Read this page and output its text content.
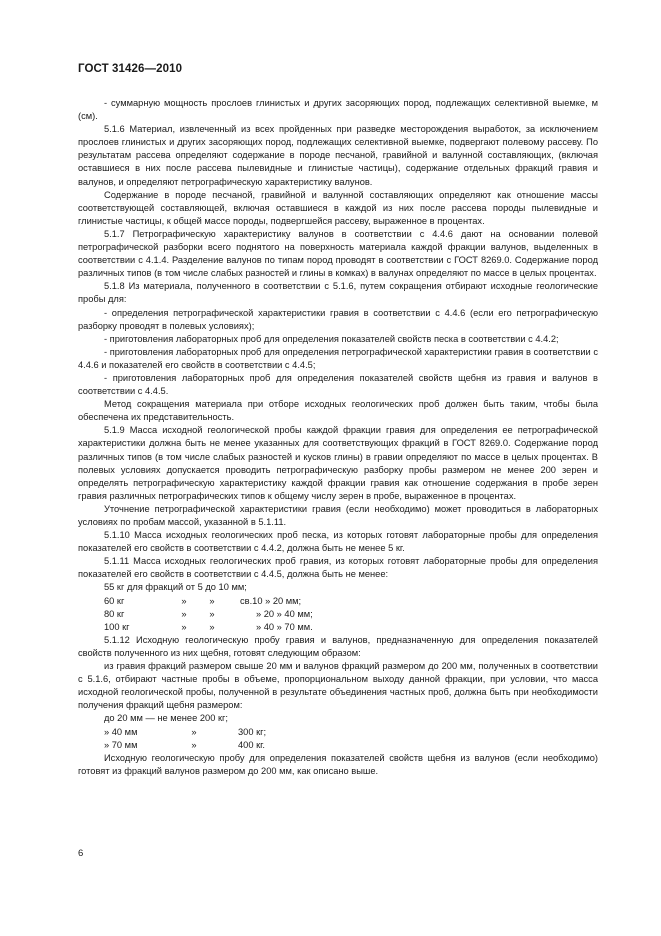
ГОСТ 31426—2010

- суммарную мощность прослоев глинистых и других засоряющих пород, подлежащих селективной выемке, м (см).

5.1.6 Материал, извлеченный из всех пройденных при разведке месторождения выработок, за исключением прослоев глинистых и других засоряющих пород, подлежащих селективной выемке, подвергают полевому рассеву. По результатам рассева определяют содержание в породе песчаной, гравийной и валунной составляющих, (включая оставшиеся в них после рассева пылевидные и глинистые частицы), содержание отдельных фракций гравия и валунов, и определяют петрографическую характеристику валунов.

Содержание в породе песчаной, гравийной и валунной составляющих определяют как отношение массы соответствующей составляющей, включая оставшиеся в каждой из них после рассева породы пылевидные и глинистые частицы, к общей массе породы, подвергшейся рассеву, выраженное в процентах.

5.1.7 Петрографическую характеристику валунов в соответствии с 4.4.6 дают на основании полевой петрографической разборки всего поднятого на поверхность материала каждой фракции валунов, выделенных в соответствии с 4.1.4. Разделение валунов по типам пород проводят в соответствии с ГОСТ 8269.0. Содержание пород различных типов (в том числе слабых разностей и глины в комках) в валунах определяют по массе в целых процентах.

5.1.8 Из материала, полученного в соответствии с 5.1.6, путем сокращения отбирают исходные геологические пробы для:

- определения петрографической характеристики гравия в соответствии с 4.4.6 (если его петрографическую разборку проводят в полевых условиях);

- приготовления лабораторных проб для определения показателей свойств песка в соответствии с 4.4.2;

- приготовления лабораторных проб для определения петрографической характеристики гравия в соответствии с 4.4.6 и показателей его свойств в соответствии с 4.4.5;

- приготовления лабораторных проб для определения показателей свойств щебня из гравия и валунов в соответствии с 4.4.5.

Метод сокращения материала при отборе исходных геологических проб должен быть таким, чтобы была обеспечена их представительность.

5.1.9 Масса исходной геологической пробы каждой фракции гравия для определения ее петрографической характеристики должна быть не менее указанных для соответствующих фракций в ГОСТ 8269.0. Содержание пород различных типов (в том числе слабых разностей и кусков глины) в гравии определяют по массе в целых процентах. В полевых условиях допускается проводить петрографическую разборку пробы размером не менее 200 зерен и определять петрографическую характеристику каждой фракции гравия как отношение содержания в пробе зерен гравия различных петрографических типов к общему числу зерен в пробе, выраженное в процентах.

Уточнение петрографической характеристики гравия (если необходимо) может проводиться в лабораторных условиях по пробам массой, указанной в 5.1.11.

5.1.10 Масса исходных геологических проб песка, из которых готовят лабораторные пробы для определения показателей его свойств в соответствии с 4.4.2, должна быть не менее 5 кг.

5.1.11 Масса исходных геологических проб гравия, из которых готовят лабораторные пробы для определения показателей его свойств в соответствии с 4.4.5, должна быть не менее:

55 кг для фракций от 5 до 10 мм;

60 кг	»	»	св.10 » 20 мм;

80 кг	»	»	» 20 » 40 мм;

100 кг	»	»	» 40 » 70 мм.

5.1.12 Исходную геологическую пробу гравия и валунов, предназначенную для определения показателей свойств полученного из них щебня, готовят следующим образом:

из гравия фракций размером свыше 20 мм и валунов фракций размером до 200 мм, полученных в соответствии с 5.1.6, отбирают частные пробы в объеме, пропорциональном выходу данной фракции, при условии, что масса исходной геологической пробы, полученной в результате объединения частных проб, должна быть при необходимости получения фракций щебня размером:

до 20 мм — не менее 200 кг;

» 40 мм	»	300 кг;

» 70 мм	»	400 кг.

Исходную геологическую пробу для определения показателей свойств щебня из валунов (если необходимо) готовят из фракций валунов размером до 200 мм, как описано выше.

6
